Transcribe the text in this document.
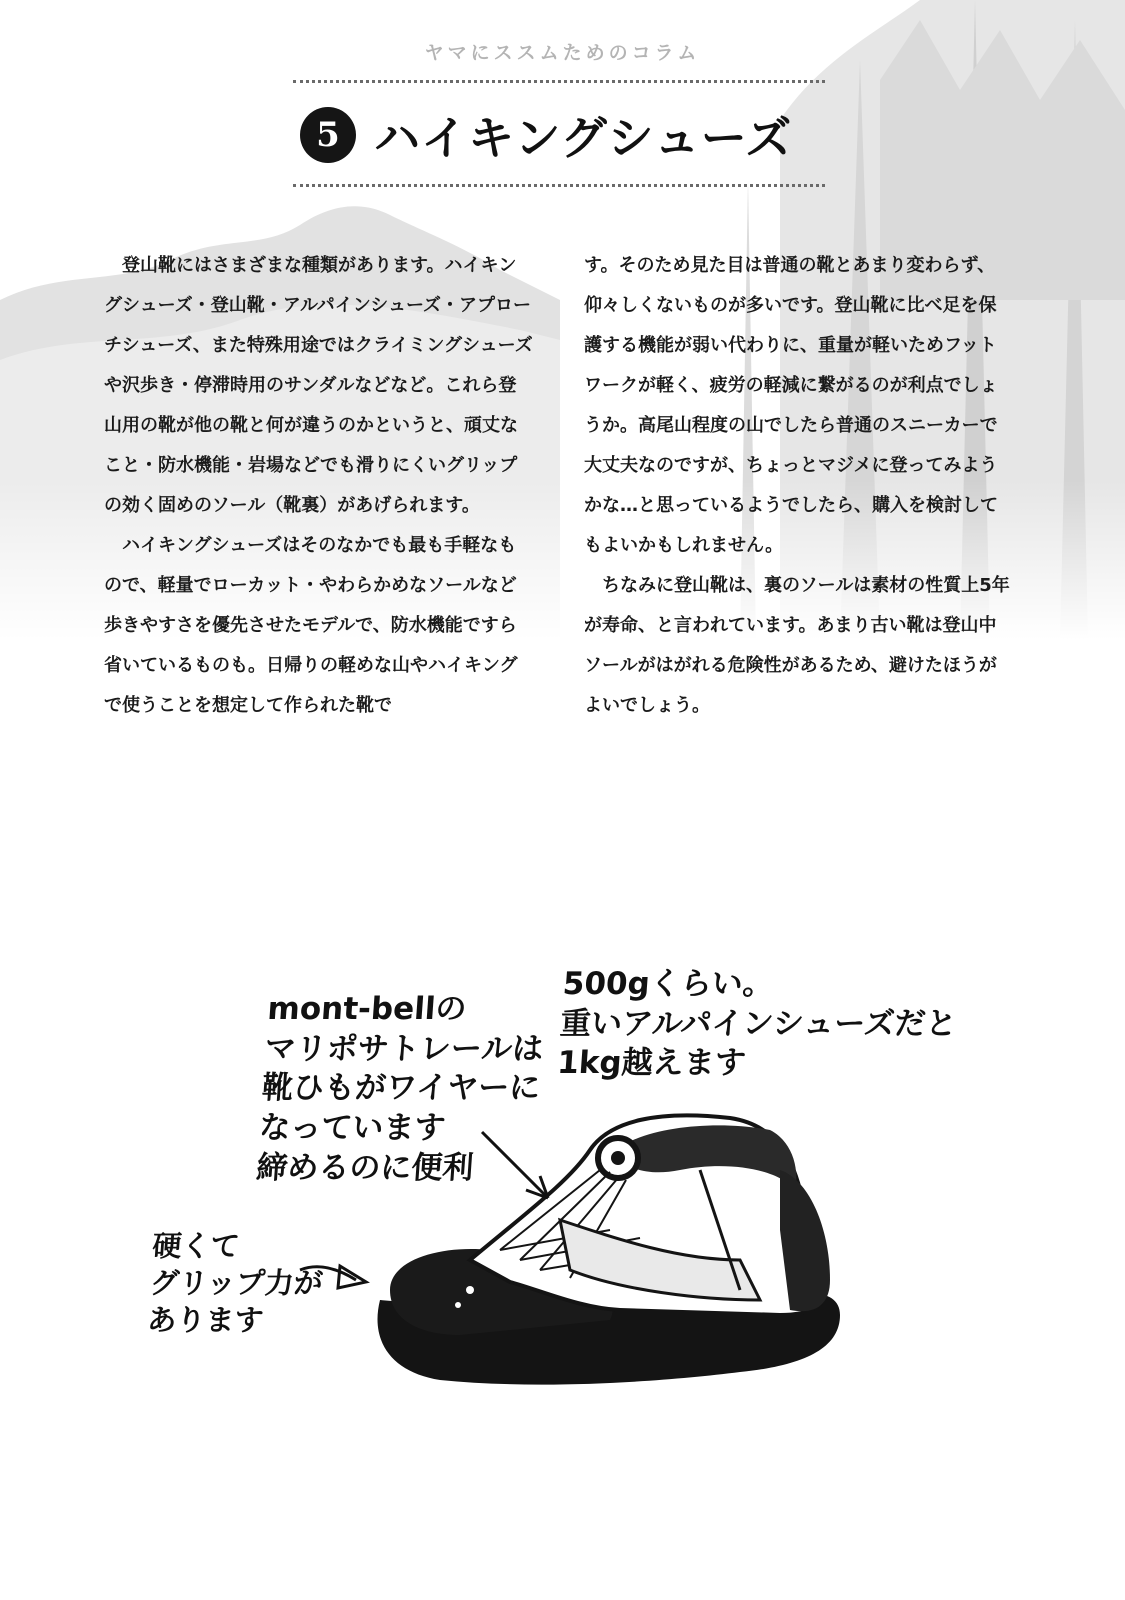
ヤマにススムためのコラム
5 ハイキングシューズ

　登山靴にはさまざまな種類があります。ハイキングシューズ・登山靴・アルパインシューズ・アプローチシューズ、また特殊用途ではクライミングシューズや沢歩き・停滞時用のサンダルなどなど。これら登山用の靴が他の靴と何が違うのかというと、頑丈なこと・防水機能・岩場などでも滑りにくいグリップの効く固めのソール（靴裏）があげられます。

　ハイキングシューズはそのなかでも最も手軽なもので、軽量でローカット・やわらかめなソールなど歩きやすさを優先させたモデルで、防水機能ですら省いているものも。日帰りの軽めな山やハイキングで使うことを想定して作られた靴で

す。そのため見た目は普通の靴とあまり変わらず、仰々しくないものが多いです。登山靴に比べ足を保護する機能が弱い代わりに、重量が軽いためフットワークが軽く、疲労の軽減に繋がるのが利点でしょうか。高尾山程度の山でしたら普通のスニーカーで大丈夫なのですが、ちょっとマジメに登ってみようかな…と思っているようでしたら、購入を検討してもよいかもしれません。

　ちなみに登山靴は、裏のソールは素材の性質上5年が寿命、と言われています。あまり古い靴は登山中ソールがはがれる危険性があるため、避けたほうがよいでしょう。

mont-bellの
マリポサトレールは
靴ひもがワイヤーに
なっています
締めるのに便利
500gくらい。
重いアルパインシューズだと
1kg越えます
硬くて
グリップ力が
あります
